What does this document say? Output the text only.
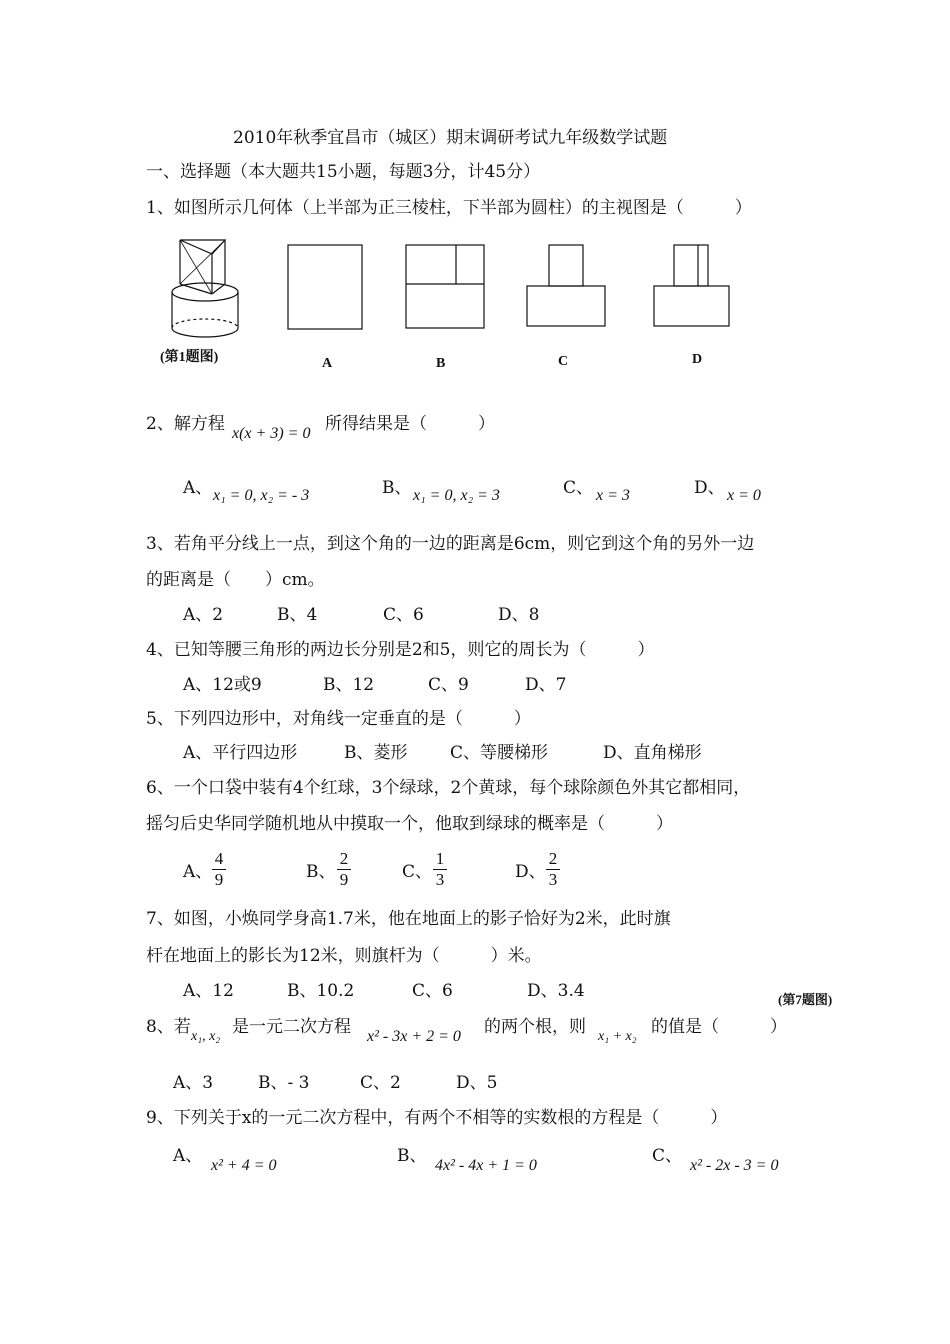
2010年秋季宜昌市（城区）期末调研考试九年级数学试题
一、选择题（本大题共15小题，每题3分，计45分）
1、如图所示几何体（上半部为正三棱柱，下半部为圆柱）的主视图是（　　　）
(第1题图)	A	B	C	D
2、解方程 x(x + 3) = 0 所得结果是（　　　）
A、 x₁ = 0, x₂ = - 3	B、 x₁ = 0, x₂ = 3	C、 x = 3	D、 x = 0
3、若角平分线上一点，到这个角的一边的距离是6cm，则它到这个角的另外一边
的距离是（　　）cm。
A、2	B、4	C、6	D、8
4、已知等腰三角形的两边长分别是2和5，则它的周长为（　　　）
A、12或9	B、12	C、9	D、7
5、下列四边形中，对角线一定垂直的是（　　　）
A、平行四边形	B、菱形	C、等腰梯形	D、直角梯形
6、一个口袋中装有4个红球，3个绿球，2个黄球，每个球除颜色外其它都相同，
摇匀后史华同学随机地从中摸取一个，他取到绿球的概率是（　　　）
A、
4
9	B、
2
9	C、
1
3	D、
2
3
7、如图，小焕同学身高1.7米，他在地面上的影子恰好为2米，此时旗
杆在地面上的影长为12米，则旗杆为（　　　）米。
A、12	B、10.2	C、6	D、3.4	(第7题图)
8、若 x₁, x₂ 是一元二次方程 x² - 3x + 2 = 0 的两个根，则 x₁ + x₂ 的值是（　　　）
A、3	B、- 3	C、2	D、5
9、下列关于x的一元二次方程中，有两个不相等的实数根的方程是（　　　）
A、 x² + 4 = 0	B、 4x² - 4x + 1 = 0	C、 x² - 2x - 3 = 0
